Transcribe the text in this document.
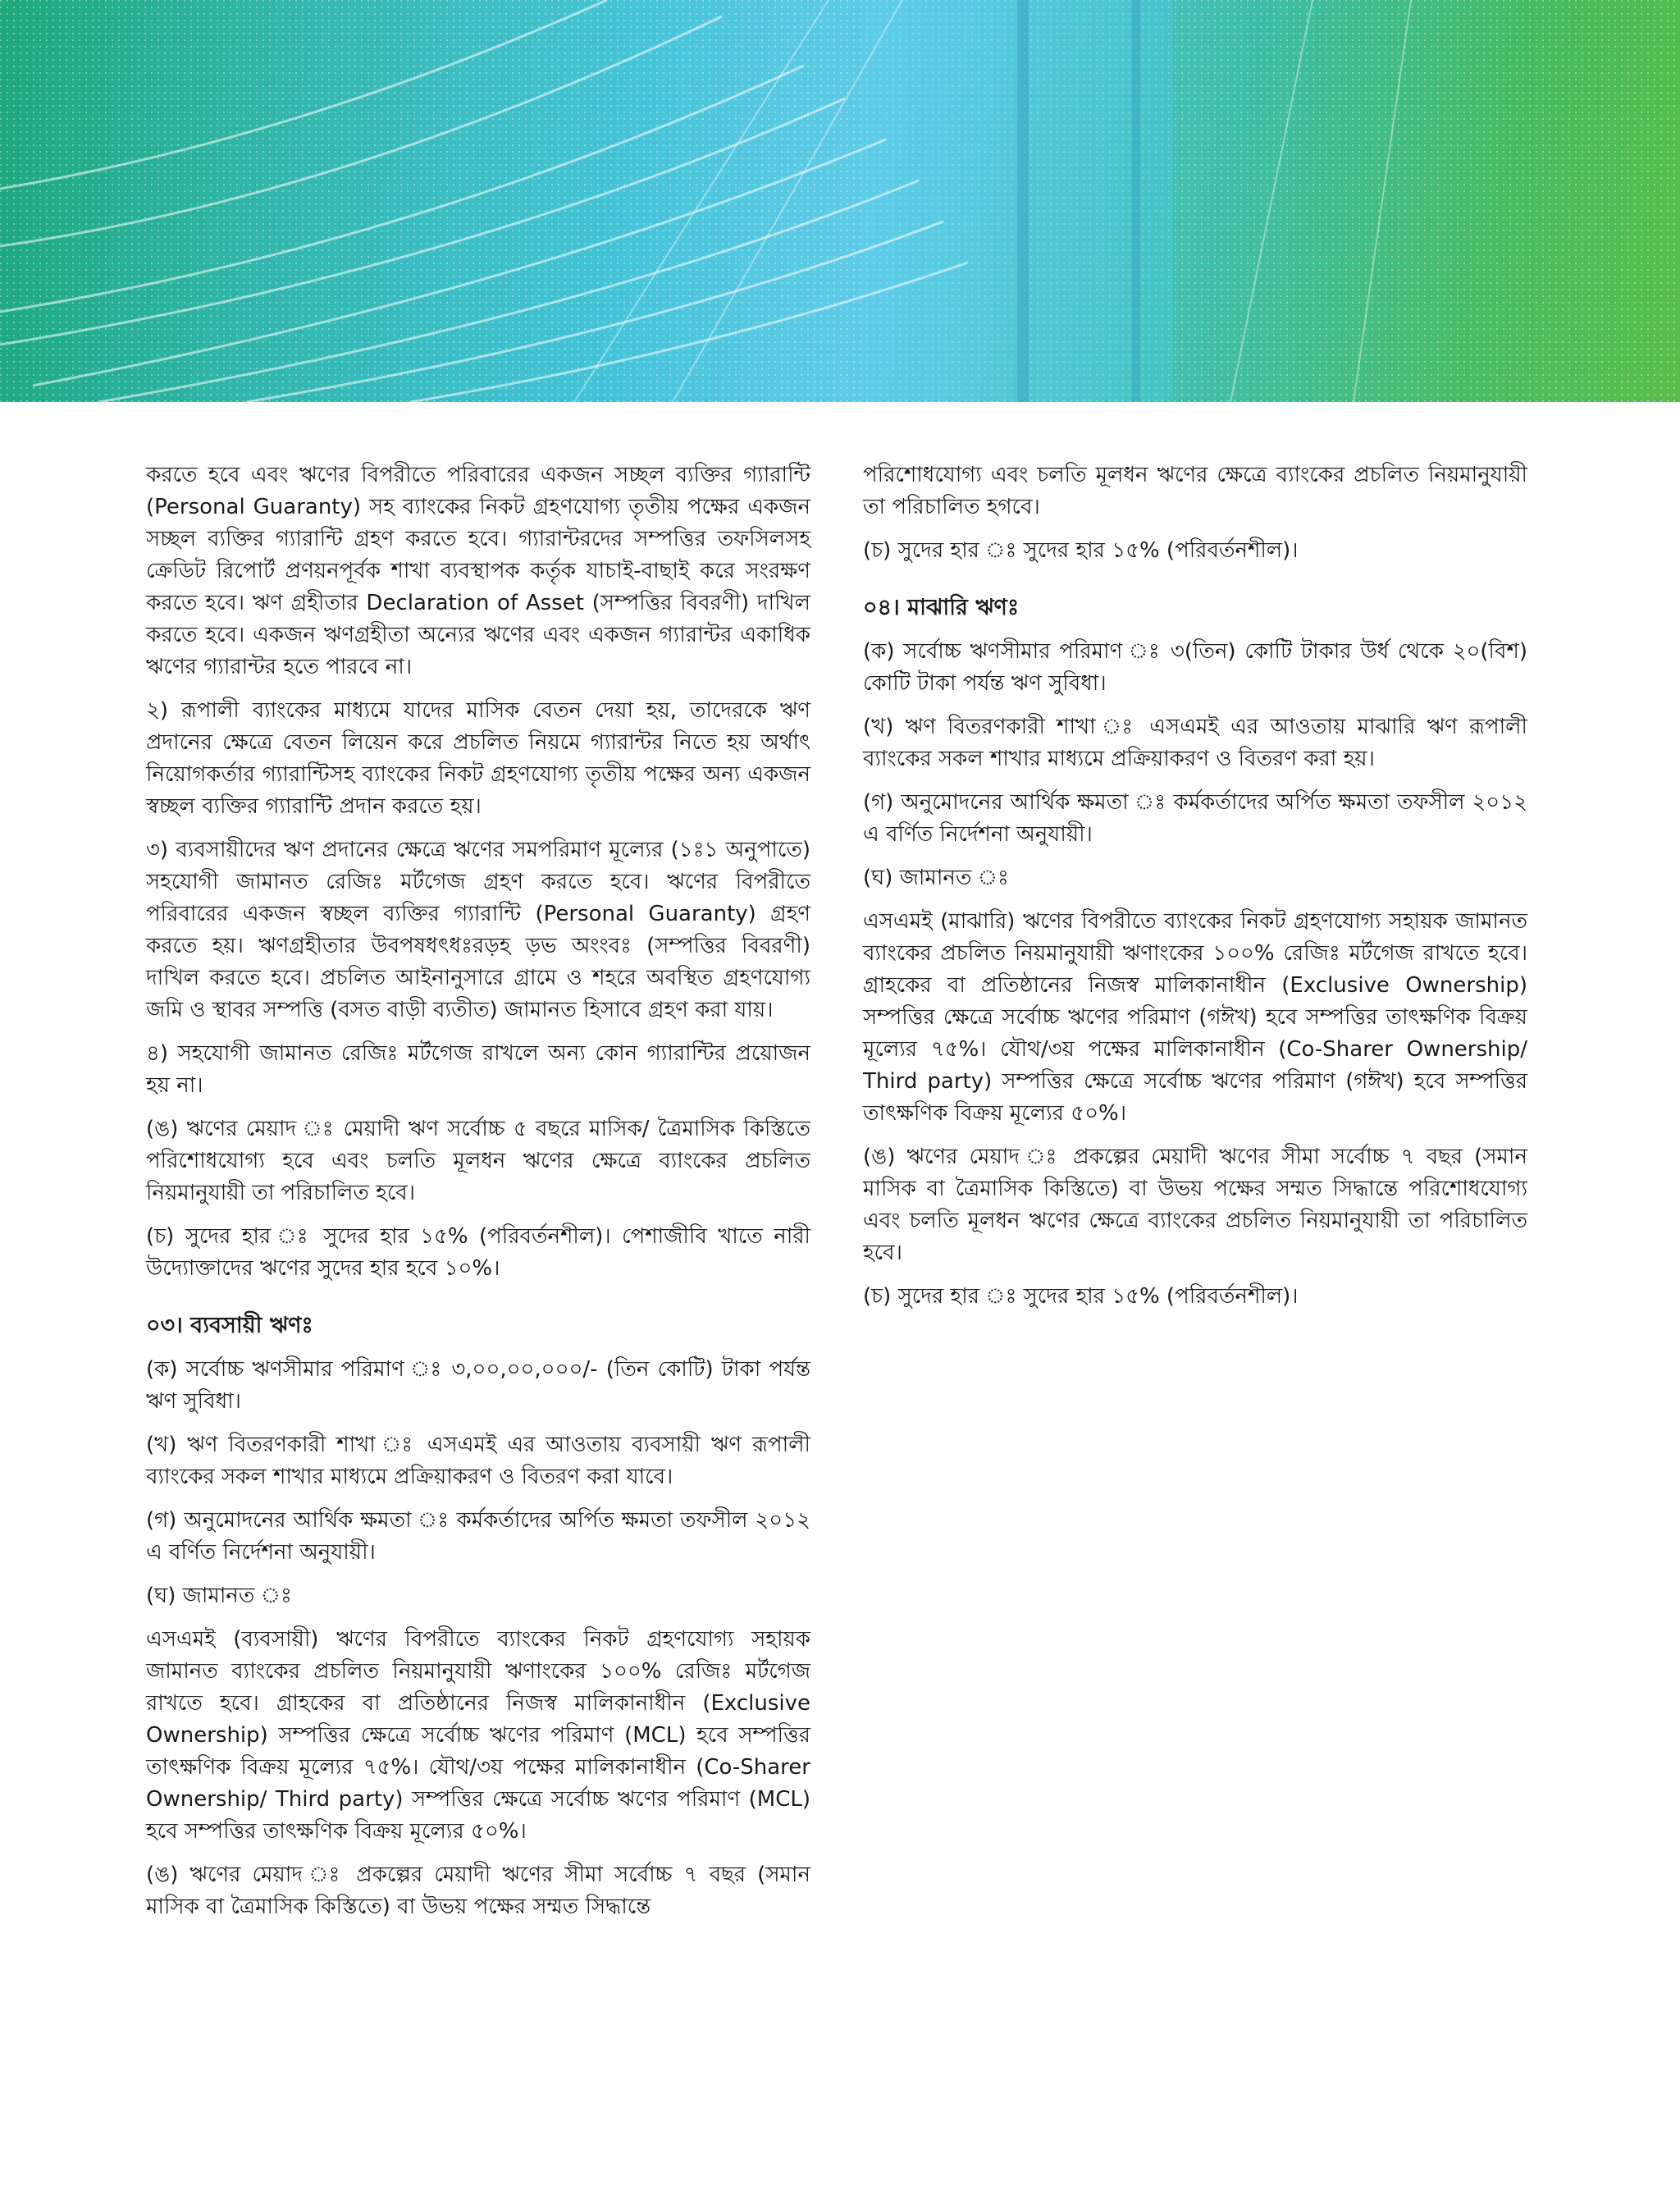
করতে হবে এবং ঋণের বিপরীতে পরিবারের একজন সচ্ছল ব্যক্তির গ্যারান্টি (Personal Guaranty) সহ ব্যাংকের নিকট গ্রহণযোগ্য তৃতীয় পক্ষের একজন সচ্ছল ব্যক্তির গ্যারান্টি গ্রহণ করতে হবে। গ্যারান্টরদের সম্পত্তির তফসিলসহ ক্রেডিট রিপোর্ট প্রণয়নপূর্বক শাখা ব্যবস্থাপক কর্তৃক যাচাই-বাছাই করে সংরক্ষণ করতে হবে। ঋণ গ্রহীতার Declaration of Asset (সম্পত্তির বিবরণী) দাখিল করতে হবে। একজন ঋণগ্রহীতা অন্যের ঋণের এবং একজন গ্যারান্টর একাধিক ঋণের গ্যারান্টর হতে পারবে না।

২) রূপালী ব্যাংকের মাধ্যমে যাদের মাসিক বেতন দেয়া হয়, তাদেরকে ঋণ প্রদানের ক্ষেত্রে বেতন লিয়েন করে প্রচলিত নিয়মে গ্যারান্টর নিতে হয় অর্থাৎ নিয়োগকর্তার গ্যারান্টিসহ ব্যাংকের নিকট গ্রহণযোগ্য তৃতীয় পক্ষের অন্য একজন স্বচ্ছল ব্যক্তির গ্যারান্টি প্রদান করতে হয়।

৩) ব্যবসায়ীদের ঋণ প্রদানের ক্ষেত্রে ঋণের সমপরিমাণ মূল্যের (১ঃ১ অনুপাতে) সহযোগী জামানত রেজিঃ মর্টগেজ গ্রহণ করতে হবে। ঋণের বিপরীতে পরিবারের একজন স্বচ্ছল ব্যক্তির গ্যারান্টি (Personal Guaranty) গ্রহণ করতে হয়। ঋণগ্রহীতার উবপষধৎধঃরড়হ ড়ভ অংংবঃ (সম্পত্তির বিবরণী) দাখিল করতে হবে। প্রচলিত আইনানুসারে গ্রামে ও শহরে অবস্থিত গ্রহণযোগ্য জমি ও স্থাবর সম্পত্তি (বসত বাড়ী ব্যতীত) জামানত হিসাবে গ্রহণ করা যায়।

৪) সহযোগী জামানত রেজিঃ মর্টগেজ রাখলে অন্য কোন গ্যারান্টির প্রয়োজন হয় না।

(ঙ) ঋণের মেয়াদ ঃ মেয়াদী ঋণ সর্বোচ্চ ৫ বছরে মাসিক/ ত্রৈমাসিক কিস্তিতে পরিশোধযোগ্য হবে এবং চলতি মূলধন ঋণের ক্ষেত্রে ব্যাংকের প্রচলিত নিয়মানুযায়ী তা পরিচালিত হবে।

(চ) সুদের হার ঃ সুদের হার ১৫% (পরিবর্তনশীল)। পেশাজীবি খাতে নারী উদ্যোক্তাদের ঋণের সুদের হার হবে ১০%।

০৩। ব্যবসায়ী ঋণঃ

(ক) সর্বোচ্চ ঋণসীমার পরিমাণ ঃ ৩,০০,০০,০০০/- (তিন কোটি) টাকা পর্যন্ত ঋণ সুবিধা।

(খ) ঋণ বিতরণকারী শাখা ঃ এসএমই এর আওতায় ব্যবসায়ী ঋণ রূপালী ব্যাংকের সকল শাখার মাধ্যমে প্রক্রিয়াকরণ ও বিতরণ করা যাবে।

(গ) অনুমোদনের আর্থিক ক্ষমতা ঃ কর্মকর্তাদের অর্পিত ক্ষমতা তফসীল ২০১২ এ বর্ণিত নির্দেশনা অনুযায়ী।

(ঘ) জামানত ঃ

এসএমই (ব্যবসায়ী) ঋণের বিপরীতে ব্যাংকের নিকট গ্রহণযোগ্য সহায়ক জামানত ব্যাংকের প্রচলিত নিয়মানুযায়ী ঋণাংকের ১০০% রেজিঃ মর্টগেজ রাখতে হবে। গ্রাহকের বা প্রতিষ্ঠানের নিজস্ব মালিকানাধীন (Exclusive Ownership) সম্পত্তির ক্ষেত্রে সর্বোচ্চ ঋণের পরিমাণ (MCL) হবে সম্পত্তির তাৎক্ষণিক বিক্রয় মূল্যের ৭৫%। যৌথ/৩য় পক্ষের মালিকানাধীন (Co-Sharer Ownership/ Third party) সম্পত্তির ক্ষেত্রে সর্বোচ্চ ঋণের পরিমাণ (MCL) হবে সম্পত্তির তাৎক্ষণিক বিক্রয় মূল্যের ৫০%।

(ঙ) ঋণের মেয়াদ ঃ প্রকল্পের মেয়াদী ঋণের সীমা সর্বোচ্চ ৭ বছর (সমান মাসিক বা ত্রৈমাসিক কিস্তিতে) বা উভয় পক্ষের সম্মত সিদ্ধান্তে

পরিশোধযোগ্য এবং চলতি মূলধন ঋণের ক্ষেত্রে ব্যাংকের প্রচলিত নিয়মানুযায়ী তা পরিচালিত হগবে।

(চ) সুদের হার ঃ সুদের হার ১৫% (পরিবর্তনশীল)।

০৪। মাঝারি ঋণঃ

(ক) সর্বোচ্চ ঋণসীমার পরিমাণ ঃ ৩(তিন) কোটি টাকার উর্ধ থেকে ২০(বিশ) কোটি টাকা পর্যন্ত ঋণ সুবিধা।

(খ) ঋণ বিতরণকারী শাখা ঃ এসএমই এর আওতায় মাঝারি ঋণ রূপালী ব্যাংকের সকল শাখার মাধ্যমে প্রক্রিয়াকরণ ও বিতরণ করা হয়।

(গ) অনুমোদনের আর্থিক ক্ষমতা ঃ কর্মকর্তাদের অর্পিত ক্ষমতা তফসীল ২০১২ এ বর্ণিত নির্দেশনা অনুযায়ী।

(ঘ) জামানত ঃ

এসএমই (মাঝারি) ঋণের বিপরীতে ব্যাংকের নিকট গ্রহণযোগ্য সহায়ক জামানত ব্যাংকের প্রচলিত নিয়মানুযায়ী ঋণাংকের ১০০% রেজিঃ মর্টগেজ রাখতে হবে। গ্রাহকের বা প্রতিষ্ঠানের নিজস্ব মালিকানাধীন (Exclusive Ownership) সম্পত্তির ক্ষেত্রে সর্বোচ্চ ঋণের পরিমাণ (গঈখ) হবে সম্পত্তির তাৎক্ষণিক বিক্রয় মূল্যের ৭৫%। যৌথ/৩য় পক্ষের মালিকানাধীন (Co-Sharer Ownership/ Third party) সম্পত্তির ক্ষেত্রে সর্বোচ্চ ঋণের পরিমাণ (গঈখ) হবে সম্পত্তির তাৎক্ষণিক বিক্রয় মূল্যের ৫০%।

(ঙ) ঋণের মেয়াদ ঃ প্রকল্পের মেয়াদী ঋণের সীমা সর্বোচ্চ ৭ বছর (সমান মাসিক বা ত্রৈমাসিক কিস্তিতে) বা উভয় পক্ষের সম্মত সিদ্ধান্তে পরিশোধযোগ্য এবং চলতি মূলধন ঋণের ক্ষেত্রে ব্যাংকের প্রচলিত নিয়মানুযায়ী তা পরিচালিত হবে।

(চ) সুদের হার ঃ সুদের হার ১৫% (পরিবর্তনশীল)।
